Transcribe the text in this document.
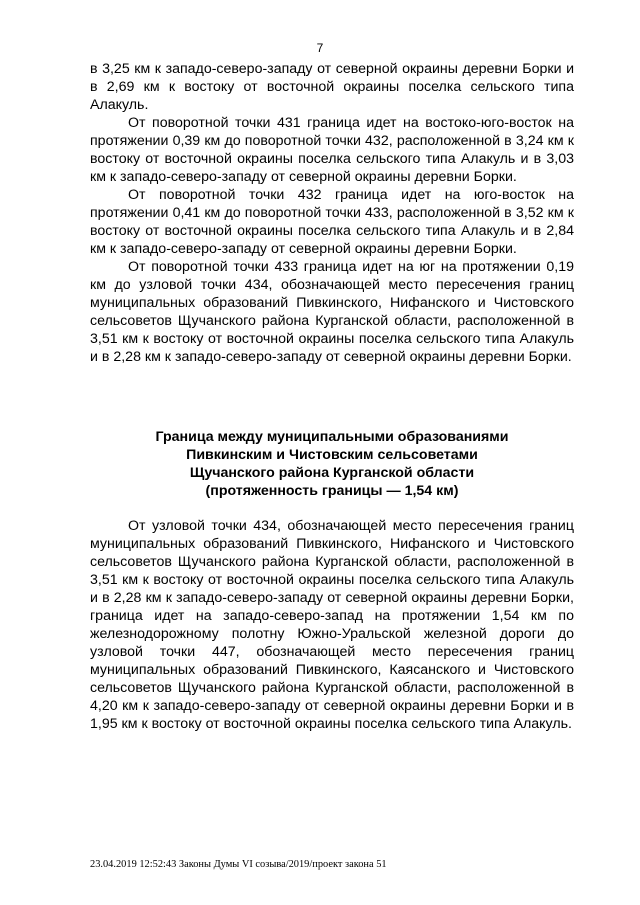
7

в 3,25 км к западо-северо-западу от северной окраины деревни Борки и в 2,69 км к востоку от восточной окраины поселка сельского типа Алакуль.

От поворотной точки 431 граница идет на востоко-юго-восток на протяжении 0,39 км до поворотной точки 432, расположенной в 3,24 км к востоку от восточной окраины поселка сельского типа Алакуль и в 3,03 км к западо-северо-западу от северной окраины деревни Борки.

От поворотной точки 432 граница идет на юго-восток на протяжении 0,41 км до поворотной точки 433, расположенной в 3,52 км к востоку от восточной окраины поселка сельского типа Алакуль и в 2,84 км к западо-северо-западу от северной окраины деревни Борки.

От поворотной точки 433 граница идет на юг на протяжении 0,19 км до узловой точки 434, обозначающей место пересечения границ муниципальных образований Пивкинского, Нифанского и Чистовского сельсоветов Щучанского района Курганской области, расположенной в 3,51 км к востоку от восточной окраины поселка сельского типа Алакуль и в 2,28 км к западо-северо-западу от северной окраины деревни Борки.

Граница между муниципальными образованиями
Пивкинским и Чистовским сельсоветами
Щучанского района Курганской области
(протяженность границы — 1,54 км)

От узловой точки 434, обозначающей место пересечения границ муниципальных образований Пивкинского, Нифанского и Чистовского сельсоветов Щучанского района Курганской области, расположенной в 3,51 км к востоку от восточной окраины поселка сельского типа Алакуль и в 2,28 км к западо-северо-западу от северной окраины деревни Борки, граница идет на западо-северо-запад на протяжении 1,54 км по железнодорожному полотну Южно-Уральской железной дороги до узловой точки 447, обозначающей место пересечения границ муниципальных образований Пивкинского, Каясанского и Чистовского сельсоветов Щучанского района Курганской области, расположенной в 4,20 км к западо-северо-западу от северной окраины деревни Борки и в 1,95 км к востоку от восточной окраины поселка сельского типа Алакуль.

23.04.2019 12:52:43 Законы Думы VI созыва/2019/проект закона 51
